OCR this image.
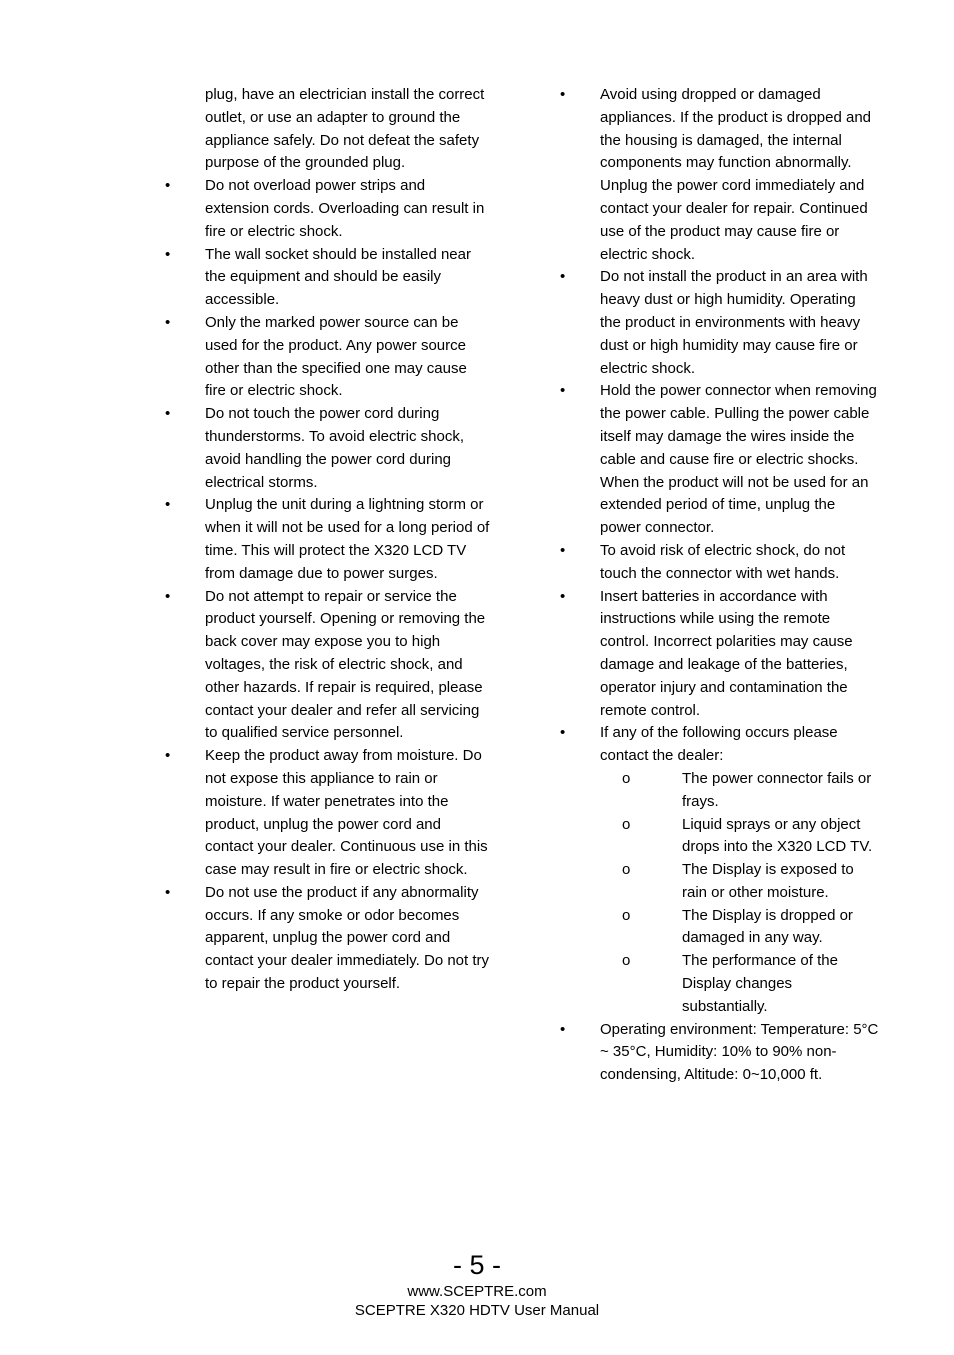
plug, have an electrician install the correct outlet, or use an adapter to ground the appliance safely. Do not defeat the safety purpose of the grounded plug.
•	Do not overload power strips and extension cords. Overloading can result in fire or electric shock.
•	The wall socket should be installed near the equipment and should be easily accessible.
•	Only the marked power source can be used for the product. Any power source other than the specified one may cause fire or electric shock.
•	Do not touch the power cord during thunderstorms. To avoid electric shock, avoid handling the power cord during electrical storms.
•	Unplug the unit during a lightning storm or when it will not be used for a long period of time. This will protect the X320 LCD TV from damage due to power surges.
•	Do not attempt to repair or service the product yourself. Opening or removing the back cover may expose you to high voltages, the risk of electric shock, and other hazards. If repair is required, please contact your dealer and refer all servicing to qualified service personnel.
•	Keep the product away from moisture. Do not expose this appliance to rain or moisture. If water penetrates into the product, unplug the power cord and contact your dealer. Continuous use in this case may result in fire or electric shock.
•	Do not use the product if any abnormality occurs. If any smoke or odor becomes apparent, unplug the power cord and contact your dealer immediately. Do not try to repair the product yourself.
•	Avoid using dropped or damaged appliances. If the product is dropped and the housing is damaged, the internal components may function abnormally. Unplug the power cord immediately and contact your dealer for repair. Continued use of the product may cause fire or electric shock.
•	Do not install the product in an area with heavy dust or high humidity. Operating the product in environments with heavy dust or high humidity may cause fire or electric shock.
•	Hold the power connector when removing the power cable. Pulling the power cable itself may damage the wires inside the cable and cause fire or electric shocks. When the product will not be used for an extended period of time, unplug the power connector.
•	To avoid risk of electric shock, do not touch the connector with wet hands.
•	Insert batteries in accordance with instructions while using the remote control. Incorrect polarities may cause damage and leakage of the batteries, operator injury and contamination the remote control.
•	If any of the following occurs please contact the dealer:
o	The power connector fails or frays.
o	Liquid sprays or any object drops into the X320 LCD TV.
o	The Display is exposed to rain or other moisture.
o	The Display is dropped or damaged in any way.
o	The performance of the Display changes substantially.
•	Operating environment: Temperature: 5°C ~ 35°C, Humidity: 10% to 90% non-condensing, Altitude: 0~10,000 ft.
- 5 -
www.SCEPTRE.com
SCEPTRE X320 HDTV User Manual
